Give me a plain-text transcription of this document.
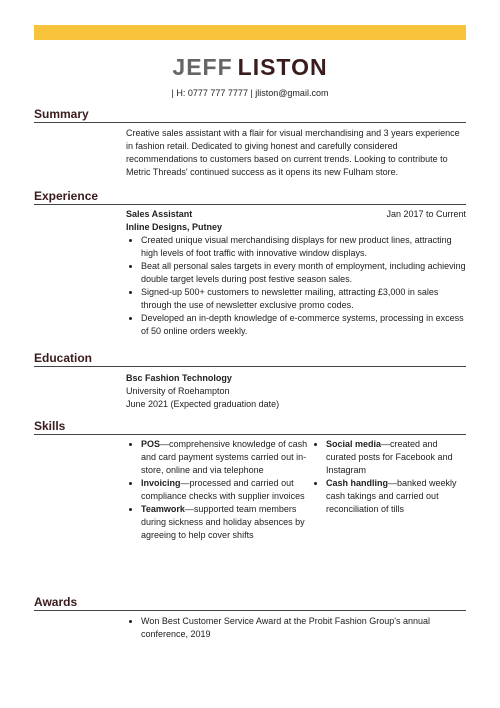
JEFF LISTON
| H: 0777 777 7777 | jliston@gmail.com
Summary
Creative sales assistant with a flair for visual merchandising and 3 years experience in fashion retail. Dedicated to giving honest and carefully considered recommendations to customers based on current trends. Looking to contribute to Metric Threads' continued success as it opens its new Fulham store.
Experience
Sales Assistant	Jan 2017 to Current
Inline Designs, Putney
• Created unique visual merchandising displays for new product lines, attracting high levels of foot traffic with innovative window displays.
• Beat all personal sales targets in every month of employment, including achieving double target levels during post festive season sales.
• Signed-up 500+ customers to newsletter mailing, attracting £3,000 in sales through the use of newsletter exclusive promo codes.
• Developed an in-depth knowledge of e-commerce systems, processing in excess of 50 online orders weekly.
Education
Bsc Fashion Technology
University of Roehampton
June 2021 (Expected graduation date)
Skills
• POS—comprehensive knowledge of cash and card payment systems carried out in-store, online and via telephone
• Invoicing—processed and carried out compliance checks with supplier invoices
• Teamwork—supported team members during sickness and holiday absences by agreeing to help cover shifts
• Social media—created and curated posts for Facebook and Instagram
• Cash handling—banked weekly cash takings and carried out reconciliation of tills
Awards
• Won Best Customer Service Award at the Probit Fashion Group's annual conference, 2019
